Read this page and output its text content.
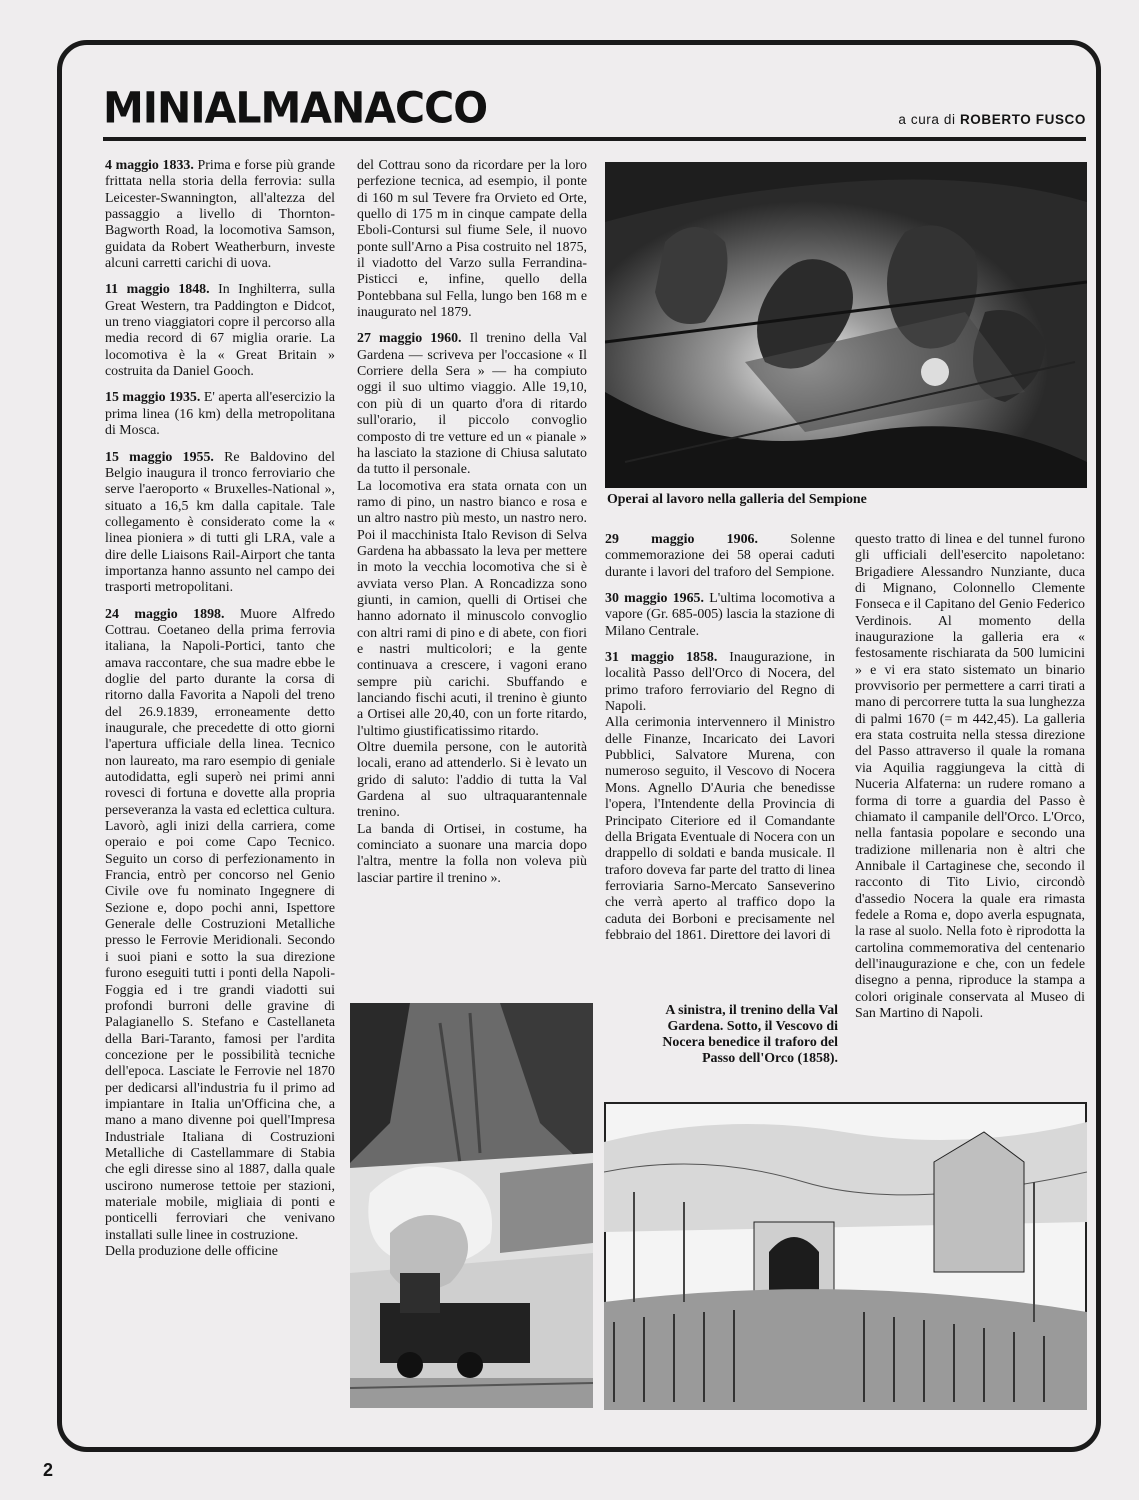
MINIALMANACCO	a cura di ROBERTO FUSCO

4 maggio 1833. Prima e forse più grande frittata nella storia della ferrovia: sulla Leicester-Swannington, all'altezza del passaggio a livello di Thornton-Bagworth Road, la locomotiva Samson, guidata da Robert Weatherburn, investe alcuni carretti carichi di uova.

11 maggio 1848. In Inghilterra, sulla Great Western, tra Paddington e Didcot, un treno viaggiatori copre il percorso alla media record di 67 miglia orarie. La locomotiva è la « Great Britain » costruita da Daniel Gooch.

15 maggio 1935. E' aperta all'esercizio la prima linea (16 km) della metropolitana di Mosca.

15 maggio 1955. Re Baldovino del Belgio inaugura il tronco ferroviario che serve l'aeroporto « Bruxelles-National », situato a 16,5 km dalla capitale. Tale collegamento è considerato come la « linea pioniera » di tutti gli LRA, vale a dire delle Liaisons Rail-Airport che tanta importanza hanno assunto nel campo dei trasporti metropolitani.

24 maggio 1898. Muore Alfredo Cottrau. Coetaneo della prima ferrovia italiana, la Napoli-Portici, tanto che amava raccontare, che sua madre ebbe le doglie del parto durante la corsa di ritorno dalla Favorita a Napoli del treno del 26.9.1839, erroneamente detto inaugurale, che precedette di otto giorni l'apertura ufficiale della linea. Tecnico non laureato, ma raro esempio di geniale autodidatta, egli superò nei primi anni rovesci di fortuna e dovette alla propria perseveranza la vasta ed eclettica cultura. Lavorò, agli inizi della carriera, come operaio e poi come Capo Tecnico. Seguito un corso di perfezionamento in Francia, entrò per concorso nel Genio Civile ove fu nominato Ingegnere di Sezione e, dopo pochi anni, Ispettore Generale delle Costruzioni Metalliche presso le Ferrovie Meridionali. Secondo i suoi piani e sotto la sua direzione furono eseguiti tutti i ponti della Napoli-Foggia ed i tre grandi viadotti sui profondi burroni delle gravine di Palagianello S. Stefano e Castellaneta della Bari-Taranto, famosi per l'ardita concezione per le possibilità tecniche dell'epoca. Lasciate le Ferrovie nel 1870 per dedicarsi all'industria fu il primo ad impiantare in Italia un'Officina che, a mano a mano divenne poi quell'Impresa Industriale Italiana di Costruzioni Metalliche di Castellammare di Stabia che egli diresse sino al 1887, dalla quale uscirono numerose tettoie per stazioni, materiale mobile, migliaia di ponti e ponticelli ferroviari che venivano installati sulle linee in costruzione.

Della produzione delle officine

del Cottrau sono da ricordare per la loro perfezione tecnica, ad esempio, il ponte di 160 m sul Tevere fra Orvieto ed Orte, quello di 175 m in cinque campate della Eboli-Contursi sul fiume Sele, il nuovo ponte sull'Arno a Pisa costruito nel 1875, il viadotto del Varzo sulla Ferrandina-Pisticci e, infine, quello della Pontebbana sul Fella, lungo ben 168 m e inaugurato nel 1879.

27 maggio 1960. Il trenino della Val Gardena — scriveva per l'occasione « Il Corriere della Sera » — ha compiuto oggi il suo ultimo viaggio. Alle 19,10, con più di un quarto d'ora di ritardo sull'orario, il piccolo convoglio composto di tre vetture ed un « pianale » ha lasciato la stazione di Chiusa salutato da tutto il personale.

La locomotiva era stata ornata con un ramo di pino, un nastro bianco e rosa e un altro nastro più mesto, un nastro nero. Poi il macchinista Italo Revison di Selva Gardena ha abbassato la leva per mettere in moto la vecchia locomotiva che si è avviata verso Plan. A Roncadizza sono giunti, in camion, quelli di Ortisei che hanno adornato il minuscolo convoglio con altri rami di pino e di abete, con fiori e nastri multicolori; e la gente continuava a crescere, i vagoni erano sempre più carichi. Sbuffando e lanciando fischi acuti, il trenino è giunto a Ortisei alle 20,40, con un forte ritardo, l'ultimo giustificatissimo ritardo.

Oltre duemila persone, con le autorità locali, erano ad attenderlo. Si è levato un grido di saluto: l'addio di tutta la Val Gardena al suo ultraquarantennale trenino.

La banda di Ortisei, in costume, ha cominciato a suonare una marcia dopo l'altra, mentre la folla non voleva più lasciar partire il trenino ».

Operai al lavoro nella galleria del Sempione

29 maggio 1906. Solenne commemorazione dei 58 operai caduti durante i lavori del traforo del Sempione.

30 maggio 1965. L'ultima locomotiva a vapore (Gr. 685-005) lascia la stazione di Milano Centrale.

31 maggio 1858. Inaugurazione, in località Passo dell'Orco di Nocera, del primo traforo ferroviario del Regno di Napoli.

Alla cerimonia intervennero il Ministro delle Finanze, Incaricato dei Lavori Pubblici, Salvatore Murena, con numeroso seguito, il Vescovo di Nocera Mons. Agnello D'Auria che benedisse l'opera, l'Intendente della Provincia di Principato Citeriore ed il Comandante della Brigata Eventuale di Nocera con un drappello di soldati e banda musicale. Il traforo doveva far parte del tratto di linea ferroviaria Sarno-Mercato Sanseverino che verrà aperto al traffico dopo la caduta dei Borboni e precisamente nel febbraio del 1861. Direttore dei lavori di

questo tratto di linea e del tunnel furono gli ufficiali dell'esercito napoletano: Brigadiere Alessandro Nunziante, duca di Mignano, Colonnello Clemente Fonseca e il Capitano del Genio Federico Verdinois. Al momento della inaugurazione la galleria era « festosamente rischiarata da 500 lumicini » e vi era stato sistemato un binario provvisorio per permettere a carri tirati a mano di percorrere tutta la sua lunghezza di palmi 1670 (= m 442,45). La galleria era stata costruita nella stessa direzione del Passo attraverso il quale la romana via Aquilia raggiungeva la città di Nuceria Alfaterna: un rudere romano a forma di torre a guardia del Passo è chiamato il campanile dell'Orco. L'Orco, nella fantasia popolare e secondo una tradizione millenaria non è altri che Annibale il Cartaginese che, secondo il racconto di Tito Livio, circondò d'assedio Nocera la quale era rimasta fedele a Roma e, dopo averla espugnata, la rase al suolo. Nella foto è riprodotta la cartolina commemorativa del centenario dell'inaugurazione e che, con un fedele disegno a penna, riproduce la stampa a colori originale conservata al Museo di San Martino di Napoli.

A sinistra, il trenino della Val Gardena. Sotto, il Vescovo di Nocera benedice il traforo del Passo dell'Orco (1858).
2
